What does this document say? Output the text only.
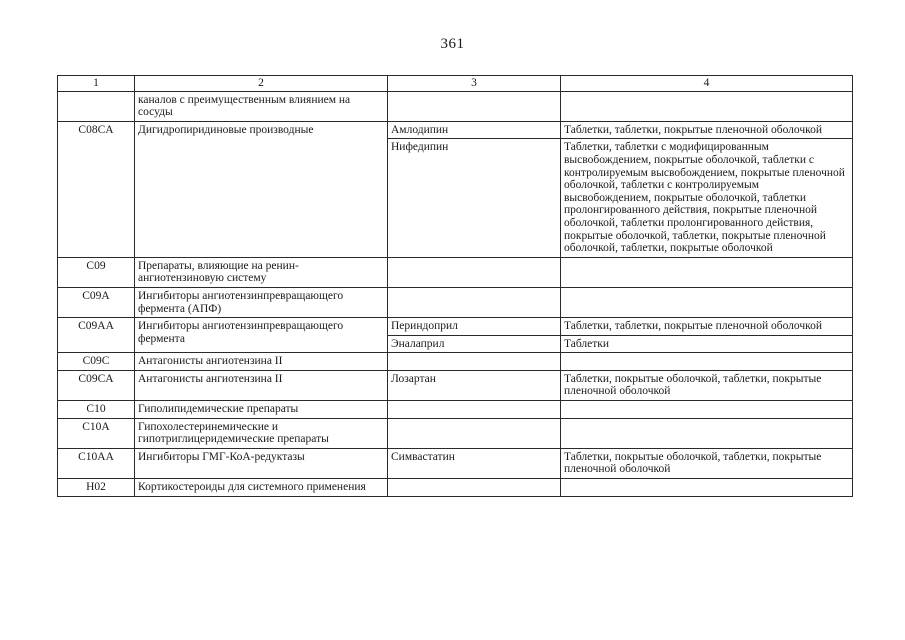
361
1	2	3	4
	каналов с преимущественным влиянием на сосуды		
C08CA	Дигидропиридиновые производные	Амлодипин	Таблетки, таблетки, покрытые пленочной оболочкой
		Нифедипин	Таблетки, таблетки с модифицированным высвобождением, покрытые оболочкой, таблетки с контролируемым высвобождением, покрытые пленочной оболочкой, таблетки с контролируемым высвобождением, покрытые оболочкой, таблетки пролонгированного действия, покрытые пленочной оболочкой, таблетки пролонгированного действия, покрытые оболочкой, таблетки, покрытые пленочной оболочкой, таблетки, покрытые оболочкой
C09	Препараты, влияющие на ренин-ангиотензиновую систему		
C09A	Ингибиторы ангиотензинпревращающего фермента (АПФ)		
C09AA	Ингибиторы ангиотензинпревращающего фермента	Периндоприл	Таблетки, таблетки, покрытые пленочной оболочкой
		Эналаприл	Таблетки
C09C	Антагонисты ангиотензина II		
C09CA	Антагонисты ангиотензина II	Лозартан	Таблетки, покрытые оболочкой, таблетки, покрытые пленочной оболочкой
C10	Гиполипидемические препараты		
C10A	Гипохолестеринемические и гипотриглицеридемические препараты		
C10AA	Ингибиторы ГМГ-КоА-редуктазы	Симвастатин	Таблетки, покрытые оболочкой, таблетки, покрытые пленочной оболочкой
H02	Кортикостероиды для системного применения		
